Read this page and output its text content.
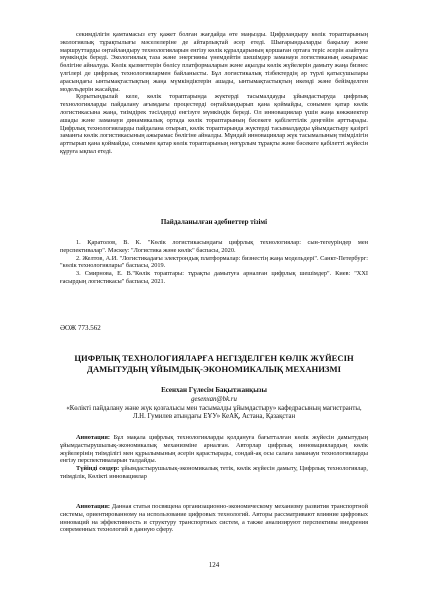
секимділігін қамтамасыз ету қажет болған жағдайда өте маңызды. Цифрландыру көлік тораптарының экологиялық тұрақтылығы мәселелеріне де айтарлықтай әсер етеді. Шығарындыларды бақылау және маршруттарды оңтайландыру технологияларын енгізу көлік құралдарының қоршаған ортаға теріс әсерін азайтуға мүмкіндік береді. Экологиялық таза және энергияны үнемдейтін шешімдер заманауи логистиканың ажырамас бөлігіне айналуда. Көлік қызметтерін бөлісу платформаларын және ақылды көлік жүйелерін дамыту жаңа бизнес үлгілері де цифрлық технологиялармен байланысты. Бұл логистикалық тізбектердің әр түрлі қатысушылары арасындағы ынтымақтастықтың жаңа мүмкіндіктерін ашады, ынтымақтастықтың икемді және бейімделген модельдерін жасайды.

Қорытындылай келе, көлік тораптарында жүктерді тасымалдауды ұйымдастыруда цифрлық технологияларды пайдалану ағымдағы процестерді оңтайландырып қана қоймайды, сонымен қатар көлік логистикасына жаңа, тиімдірек тәсілдерді енгізуге мүмкіндік береді. Ол инновациялар үшін жаңа көкжиектер ашады және заманауи динамикалық ортада көлік тораптарының бәсекеге қабілеттілік деңгейін арттырады. Цифрлық технологияларды пайдалана отырып, көлік тораптарында жүктерді тасымалдауды ұйымдастыру қазіргі заманғы көлік логистикасының ажырамас бөлігіне айналды. Мұндай инновациялар жүк тасымалының тиімділігін арттырып қана қоймайды, сонымен қатар көлік тораптарының неғұрлым тұрақты және бәсекеге қабілетті жүйесін құруға ықпал етеді.

Пайдаланылған әдебиеттер тізімі

1. Қаратолов, В. К. "Көлік логистикасындағы цифрлық технологиялар: сын-тегеуріндер мен перспективалар". Мәскеу: "Логистика және көлік" баспасы, 2020.
2. Желтов, А.И. "Логистикадағы электрондық платформалар: бизнестің жаңа модельдері". Санкт-Петербург: "көлік технологиялары" баспасы, 2019.
3. Смирнова, Е. В."Көлік тораптары: тұрақты дамытуға арналған цифрлық шешімдер". Киев: "XXI ғасырдың логистикасы" баспасы, 2021.

ӘОЖ 773.562

ЦИФРЛЫҚ ТЕХНОЛОГИЯЛАРҒА НЕГІЗДЕЛГЕН КӨЛІК ЖҮЙЕСІН ДАМЫТУДЫҢ ҰЙЫМДЫҚ-ЭКОНОМИКАЛЫҚ МЕХАНИЗМІ

Есенхан Гүлесім Бақытжанқызы

gesenxan@bk.ru

«Көлікті пайдалану және жүк қозғалысы мен тасымалды ұйымдастыру» кафедрасының магистранты, Л.Н. Гумилев атындағы ЕҰУ» КеАҚ, Астана, Қазақстан

Аннотация: Бұл мақала цифрлық технологияларды қолдануға бағытталған көлік жүйесін дамытудың ұйымдастырушылық-экономикалық механизміне арналған. Авторлар цифрлық инновациялардың көлік жүйелерінің тиімділігі мен құрылымының әсерін қарастырады, сондай-ақ осы салаға заманауи технологияларды енгізу перспективаларын талдайды.

Түйінді сөздер: ұйымдастырушылық-экономикалық тетік, көлік жүйесін дамыту, Цифрлық технологиялар, тиімділік, Көлікті инновациялар

Аннотация: Данная статья посвящена организационно-экономическому механизму развития транспортной системы, ориентированному на использование цифровых технологий. Авторы рассматривают влияние цифровых инноваций на эффективность и структуру транспортных систем, а также анализируют перспективы внедрения современных технологий в данную сферу.

124
